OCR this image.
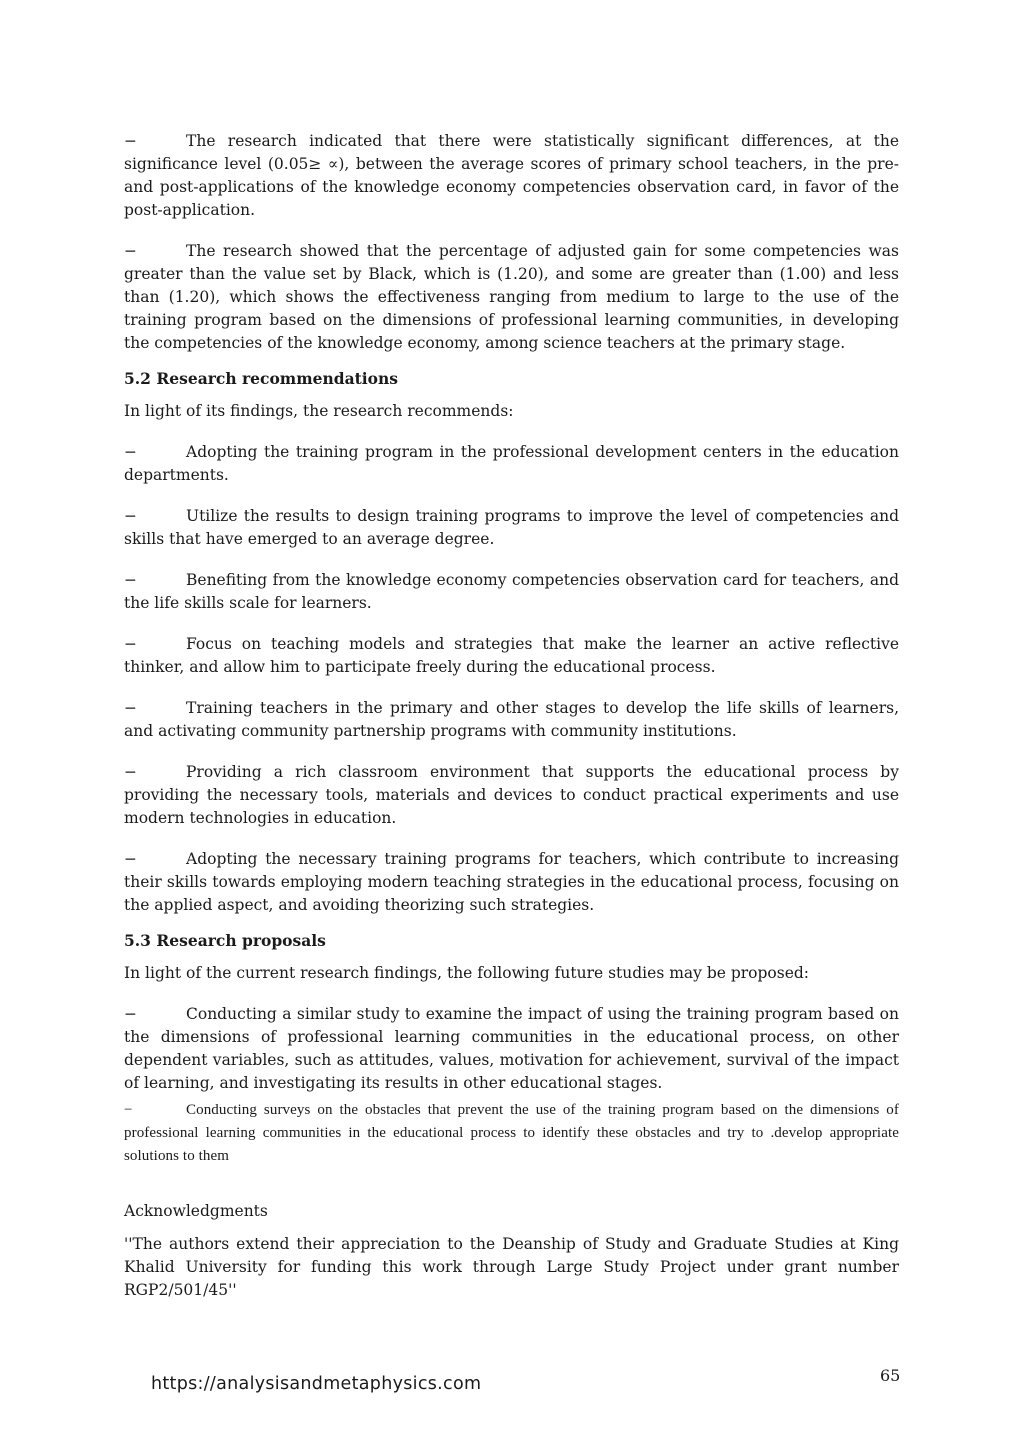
−	The research indicated that there were statistically significant differences, at the significance level (0.05≥ ∝), between the average scores of primary school teachers, in the pre- and post-applications of the knowledge economy competencies observation card, in favor of the post-application.
−	The research showed that the percentage of adjusted gain for some competencies was greater than the value set by Black, which is (1.20), and some are greater than (1.00) and less than (1.20), which shows the effectiveness ranging from medium to large to the use of the training program based on the dimensions of professional learning communities, in developing the competencies of the knowledge economy, among science teachers at the primary stage.
5.2 Research recommendations
In light of its findings, the research recommends:
−	Adopting the training program in the professional development centers in the education departments.
−	Utilize the results to design training programs to improve the level of competencies and skills that have emerged to an average degree.
−	Benefiting from the knowledge economy competencies observation card for teachers, and the life skills scale for learners.
−	Focus on teaching models and strategies that make the learner an active reflective thinker, and allow him to participate freely during the educational process.
−	Training teachers in the primary and other stages to develop the life skills of learners, and activating community partnership programs with community institutions.
−	Providing a rich classroom environment that supports the educational process by providing the necessary tools, materials and devices to conduct practical experiments and use modern technologies in education.
−	Adopting the necessary training programs for teachers, which contribute to increasing their skills towards employing modern teaching strategies in the educational process, focusing on the applied aspect, and avoiding theorizing such strategies.
5.3 Research proposals
In light of the current research findings, the following future studies may be proposed:
−	Conducting a similar study to examine the impact of using the training program based on the dimensions of professional learning communities in the educational process, on other dependent variables, such as attitudes, values, motivation for achievement, survival of the impact of learning, and investigating its results in other educational stages.
−	Conducting surveys on the obstacles that prevent the use of the training program based on the dimensions of professional learning communities in the educational process to identify these obstacles and try to .develop appropriate solutions to them
Acknowledgments
''The authors extend their appreciation to the Deanship of Study and Graduate Studies at King Khalid University for funding this work through Large Study Project under grant number RGP2/501/45''
https://analysisandmetaphysics.com	65
